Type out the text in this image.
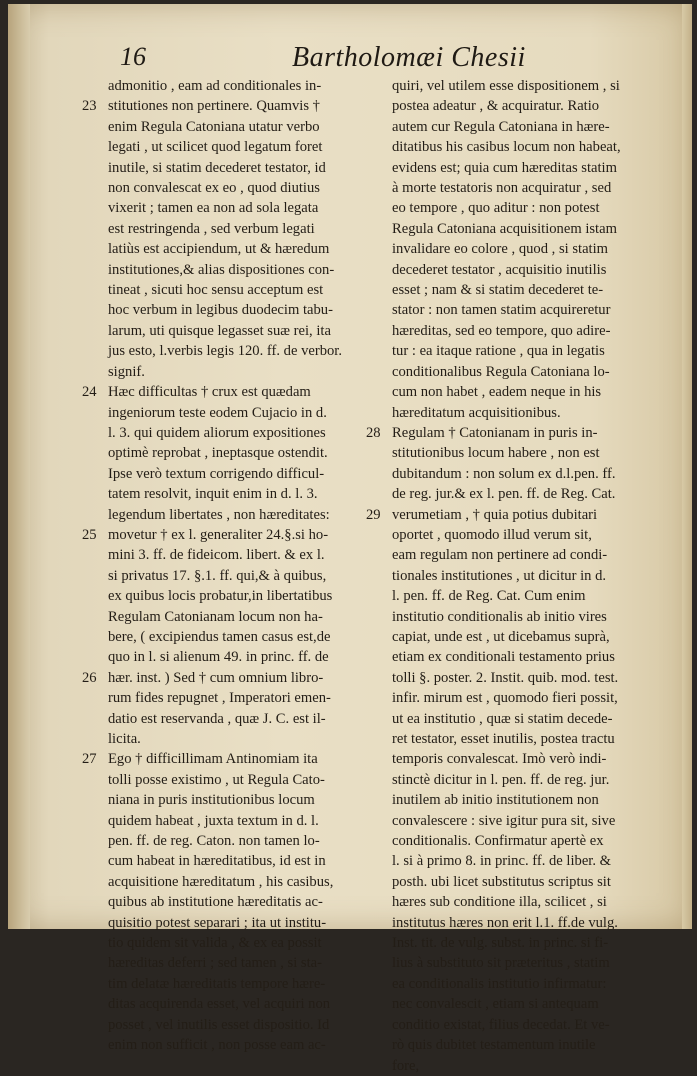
16	Bartholomæi Chesii

admonitio , eam ad conditionales in-

23 stitutiones non pertinere. Quamvis †
enim Regula Catoniana utatur verbo
legati , ut scilicet quod legatum foret
inutile, si statim decederet testator, id
non convalescat ex eo , quod diutius
vixerit ; tamen ea non ad sola legata
est restringenda , sed verbum legati
latiùs est accipiendum, ut & hæredum
institutiones,& alias dispositiones con-
tineat , sicuti hoc sensu acceptum est
hoc verbum in legibus duodecim tabu-
larum, uti quisque legasset suæ rei, ita
jus esto, l.verbis legis 120. ff. de verbor.
signif.

24 Hæc difficultas † crux est quædam
ingeniorum teste eodem Cujacio in d.
l. 3. qui quidem aliorum expositiones
optimè reprobat , ineptasque ostendit.
Ipse verò textum corrigendo difficul-
tatem resolvit, inquit enim in d. l. 3.
legendum libertates , non hæreditates:

25 movetur † ex l. generaliter 24.§.si ho-
mini 3. ff. de fideicom. libert. & ex l.
si privatus 17. §.1. ff. qui,& à quibus,
ex quibus locis probatur,in libertatibus
Regulam Catonianam locum non ha-
bere, ( excipiendus tamen casus est,de
quo in l. si alienum 49. in princ. ff. de

26 hær. inst. ) Sed † cum omnium libro-
rum fides repugnet , Imperatori emen-
datio est reservanda , quæ J. C. est il-
licita.

27 Ego † difficillimam Antinomiam ita
tolli posse existimo , ut Regula Cato-
niana in puris institutionibus locum
quidem habeat , juxta textum in d. l.
pen. ff. de reg. Caton. non tamen lo-
cum habeat in hæreditatibus, id est in
acquisitione hæreditatum , his casibus,
quibus ab institutione hæreditatis ac-
quisitio potest separari ; ita ut institu-
tio quidem sit valida , & ex ea possit
hæreditas deferri ; sed tamen , si sta-
tim delatæ hæreditatis tempore hære-
ditas acquirenda esset, vel acquiri non
posset , vel inutilis esset dispositio. Id
enim non sufficit , non posse eam ac-

quiri, vel utilem esse dispositionem , si
postea adeatur , & acquiratur. Ratio
autem cur Regula Catoniana in hære-
ditatibus his casibus locum non habeat,
evidens est; quia cum hæreditas statim
à morte testatoris non acquiratur , sed
eo tempore , quo aditur : non potest
Regula Catoniana acquisitionem istam
invalidare eo colore , quod , si statim
decederet testator , acquisitio inutilis
esset ; nam & si statim decederet te-
stator : non tamen statim acquireretur
hæreditas, sed eo tempore, quo adire-
tur : ea itaque ratione , qua in legatis
conditionalibus Regula Catoniana lo-
cum non habet , eadem neque in his
hæreditatum acquisitionibus.

28 Regulam † Catonianam in puris in-
stitutionibus locum habere , non est
dubitandum : non solum ex d.l.pen. ff.
de reg. jur.& ex l. pen. ff. de Reg. Cat.

29 verumetiam , † quia potius dubitari
oportet , quomodo illud verum sit,
eam regulam non pertinere ad condi-
tionales institutiones , ut dicitur in d.
l. pen. ff. de Reg. Cat. Cum enim
institutio conditionalis ab initio vires
capiat, unde est , ut dicebamus suprà,
etiam ex conditionali testamento prius
tolli §. poster. 2. Instit. quib. mod. test.
infir. mirum est , quomodo fieri possit,
ut ea institutio , quæ si statim decede-
ret testator, esset inutilis, postea tractu
temporis convalescat. Imò verò indi-
stinctè dicitur in l. pen. ff. de reg. jur.
inutilem ab initio institutionem non
convalescere : sive igitur pura sit, sive
conditionalis. Confirmatur apertè ex
l. si à primo 8. in princ. ff. de liber. &
posth. ubi licet substitutus scriptus sit
hæres sub conditione illa, scilicet , si
institutus hæres non erit l.1. ff.de vulg.
Inst. tit. de vulg. subst. in princ. si fi-
lius à substituto sit præteritus , statim
ea conditionalis institutio infirmatur:
nec convalescit , etiam si antequam
conditio existat, filius decedat. Et ve-
rò quis dubitet testamentum inutile
fore,
